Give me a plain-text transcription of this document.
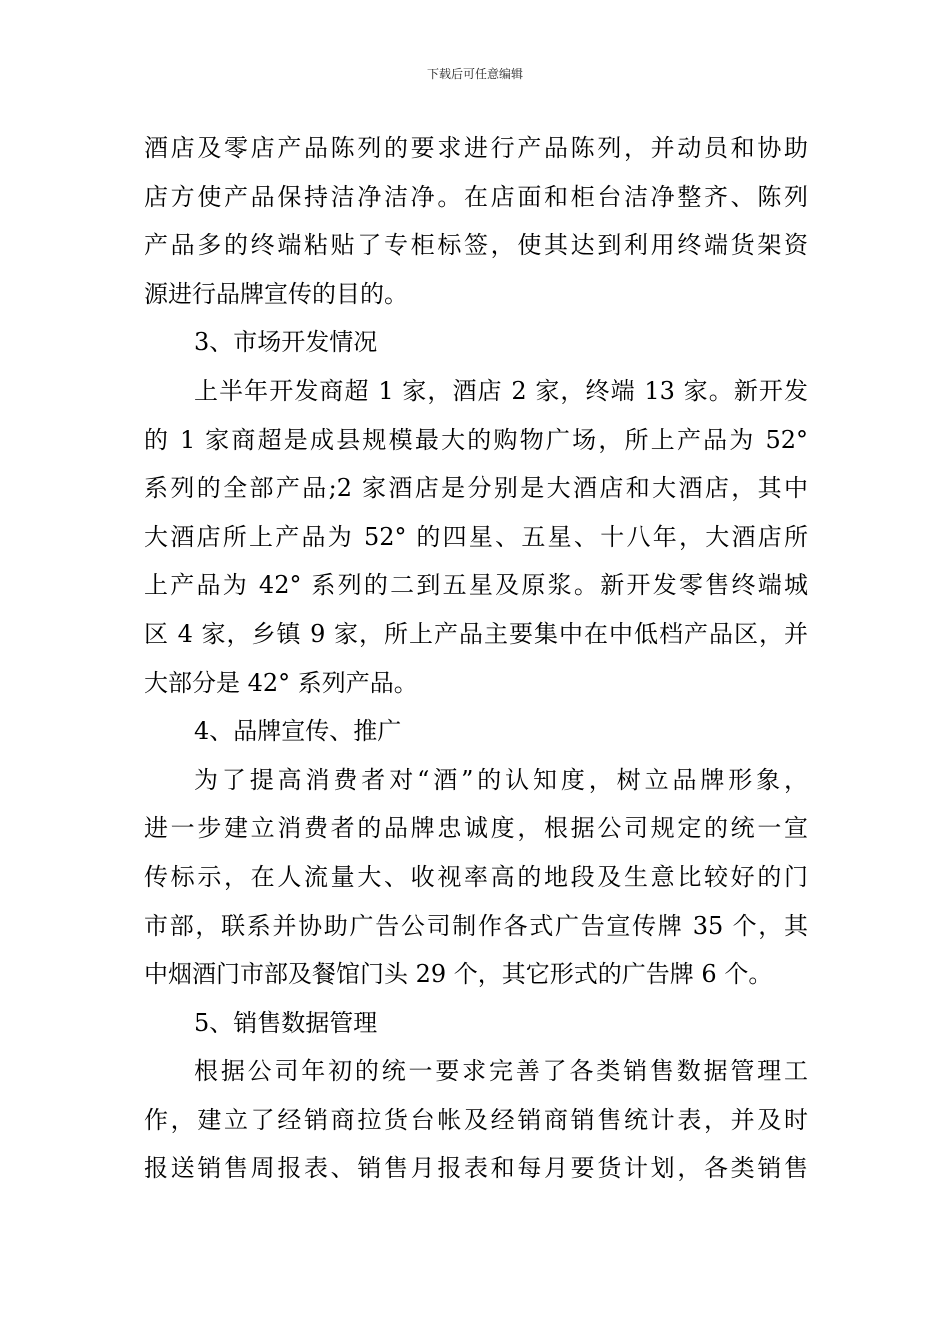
下载后可任意编辑
酒店及零店产品陈列的要求进行产品陈列，并动员和协助
店方使产品保持洁净洁净。在店面和柜台洁净整齐、陈列
产品多的终端粘贴了专柜标签，使其达到利用终端货架资
源进行品牌宣传的目的。
3、市场开发情况
上半年开发商超 1 家，酒店 2 家，终端 13 家。新开发
的 1 家商超是成县规模最大的购物广场，所上产品为 52°
系列的全部产品;2 家酒店是分别是大酒店和大酒店，其中
大酒店所上产品为 52° 的四星、五星、十八年，大酒店所
上产品为 42° 系列的二到五星及原浆。新开发零售终端城
区 4 家，乡镇 9 家，所上产品主要集中在中低档产品区，并
大部分是 42° 系列产品。
4、品牌宣传、推广
为了提高消费者对“酒”的认知度，树立品牌形象，
进一步建立消费者的品牌忠诚度，根据公司规定的统一宣
传标示，在人流量大、收视率高的地段及生意比较好的门
市部，联系并协助广告公司制作各式广告宣传牌 35 个，其
中烟酒门市部及餐馆门头 29 个，其它形式的广告牌 6 个。
5、销售数据管理
根据公司年初的统一要求完善了各类销售数据管理工
作，建立了经销商拉货台帐及经销商销售统计表，并及时
报送销售周报表、销售月报表和每月要货计划，各类销售
